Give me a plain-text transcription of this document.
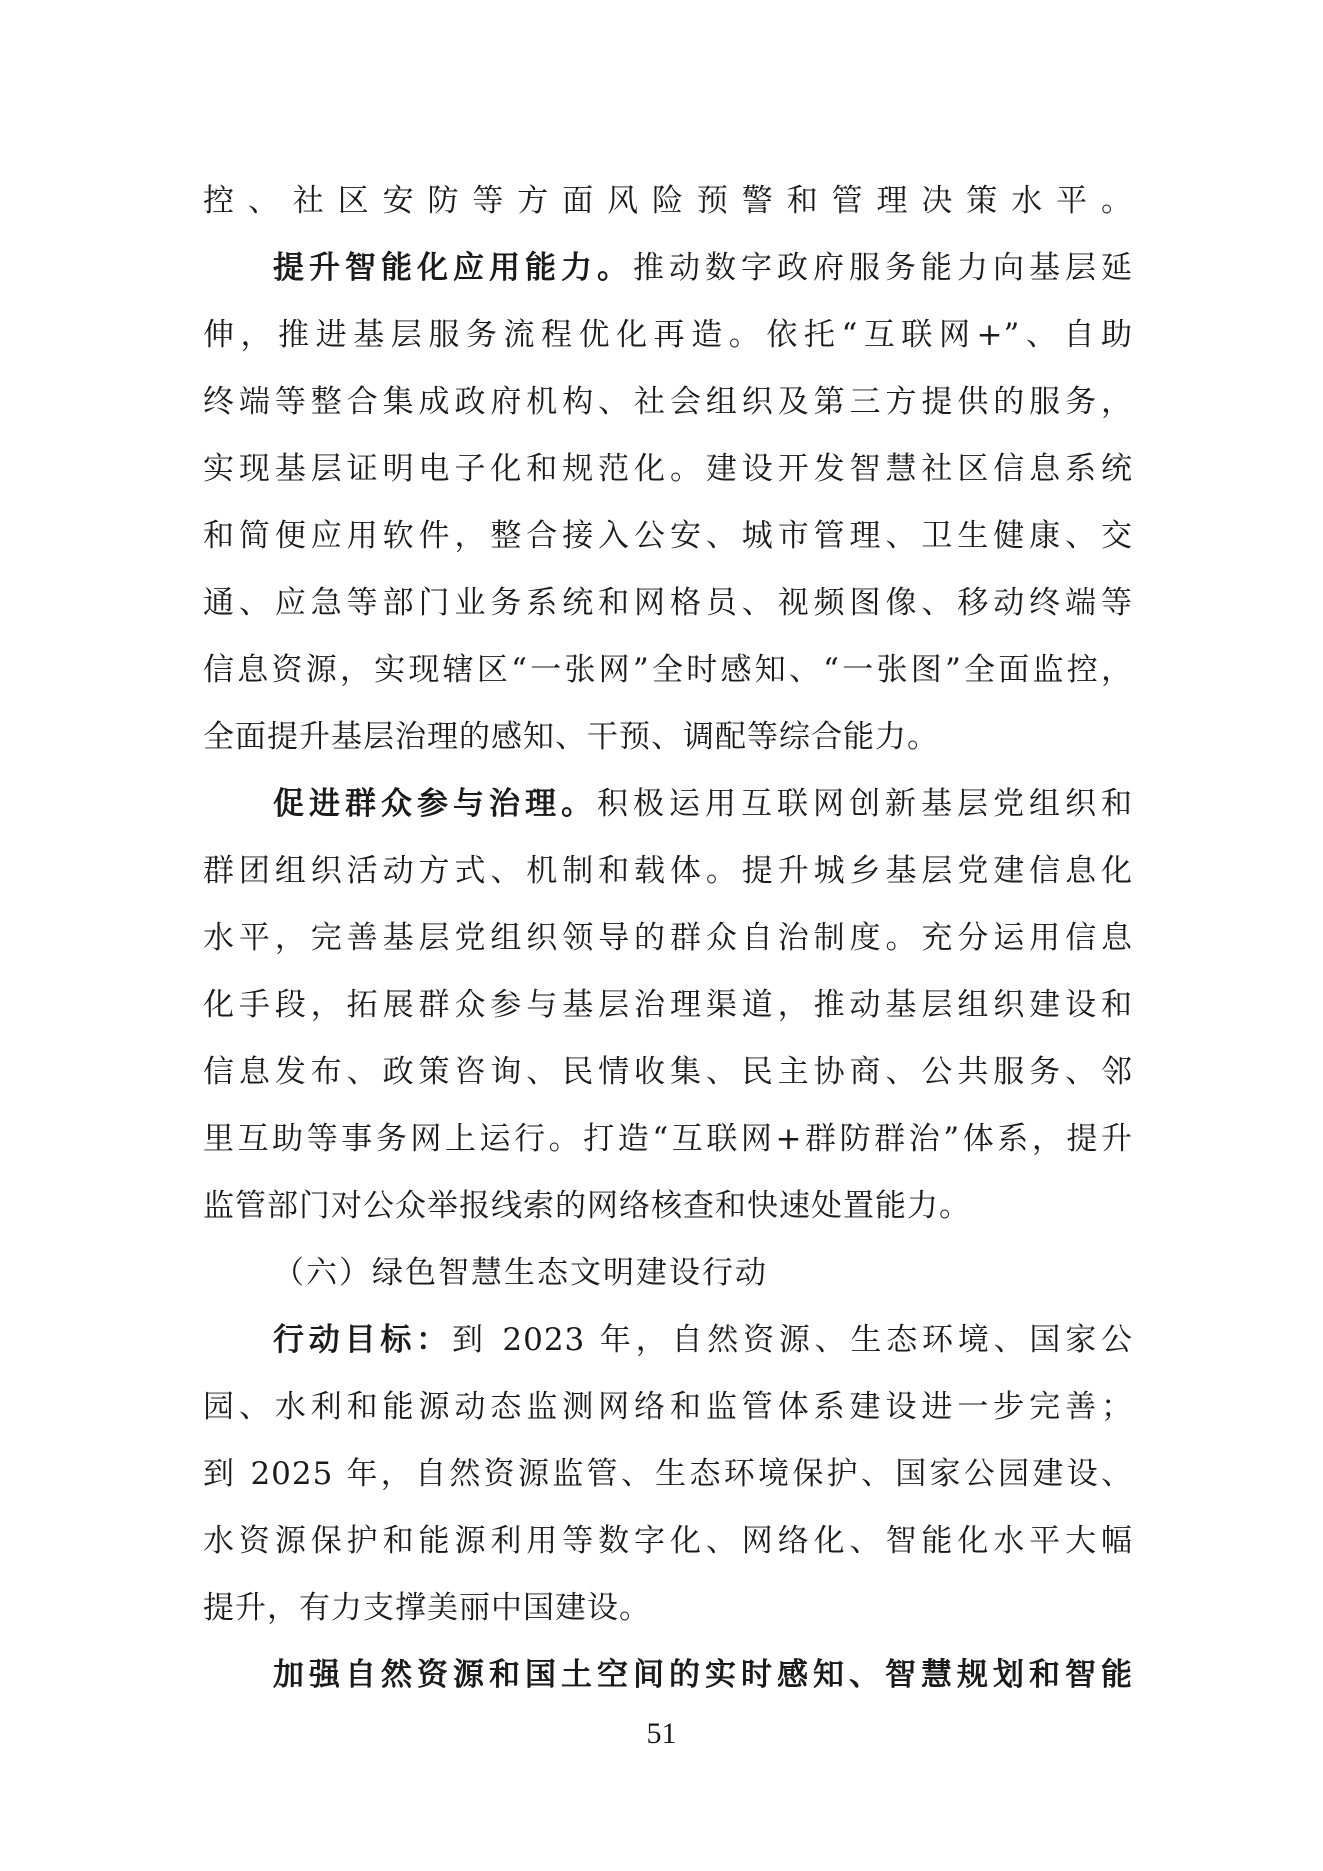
控、社区安防等方面风险预警和管理决策水平。
提升智能化应用能力。推动数字政府服务能力向基层延
伸，推进基层服务流程优化再造。依托“互联网+”、自助
终端等整合集成政府机构、社会组织及第三方提供的服务，
实现基层证明电子化和规范化。建设开发智慧社区信息系统
和简便应用软件，整合接入公安、城市管理、卫生健康、交
通、应急等部门业务系统和网格员、视频图像、移动终端等
信息资源，实现辖区“一张网”全时感知、“一张图”全面监控，
全面提升基层治理的感知、干预、调配等综合能力。
促进群众参与治理。积极运用互联网创新基层党组织和
群团组织活动方式、机制和载体。提升城乡基层党建信息化
水平，完善基层党组织领导的群众自治制度。充分运用信息
化手段，拓展群众参与基层治理渠道，推动基层组织建设和
信息发布、政策咨询、民情收集、民主协商、公共服务、邻
里互助等事务网上运行。打造“互联网+群防群治”体系，提升
监管部门对公众举报线索的网络核查和快速处置能力。
（六）绿色智慧生态文明建设行动
行动目标：到 2023 年，自然资源、生态环境、国家公
园、水利和能源动态监测网络和监管体系建设进一步完善；
到 2025 年，自然资源监管、生态环境保护、国家公园建设、
水资源保护和能源利用等数字化、网络化、智能化水平大幅
提升，有力支撑美丽中国建设。
加强自然资源和国土空间的实时感知、智慧规划和智能
51
